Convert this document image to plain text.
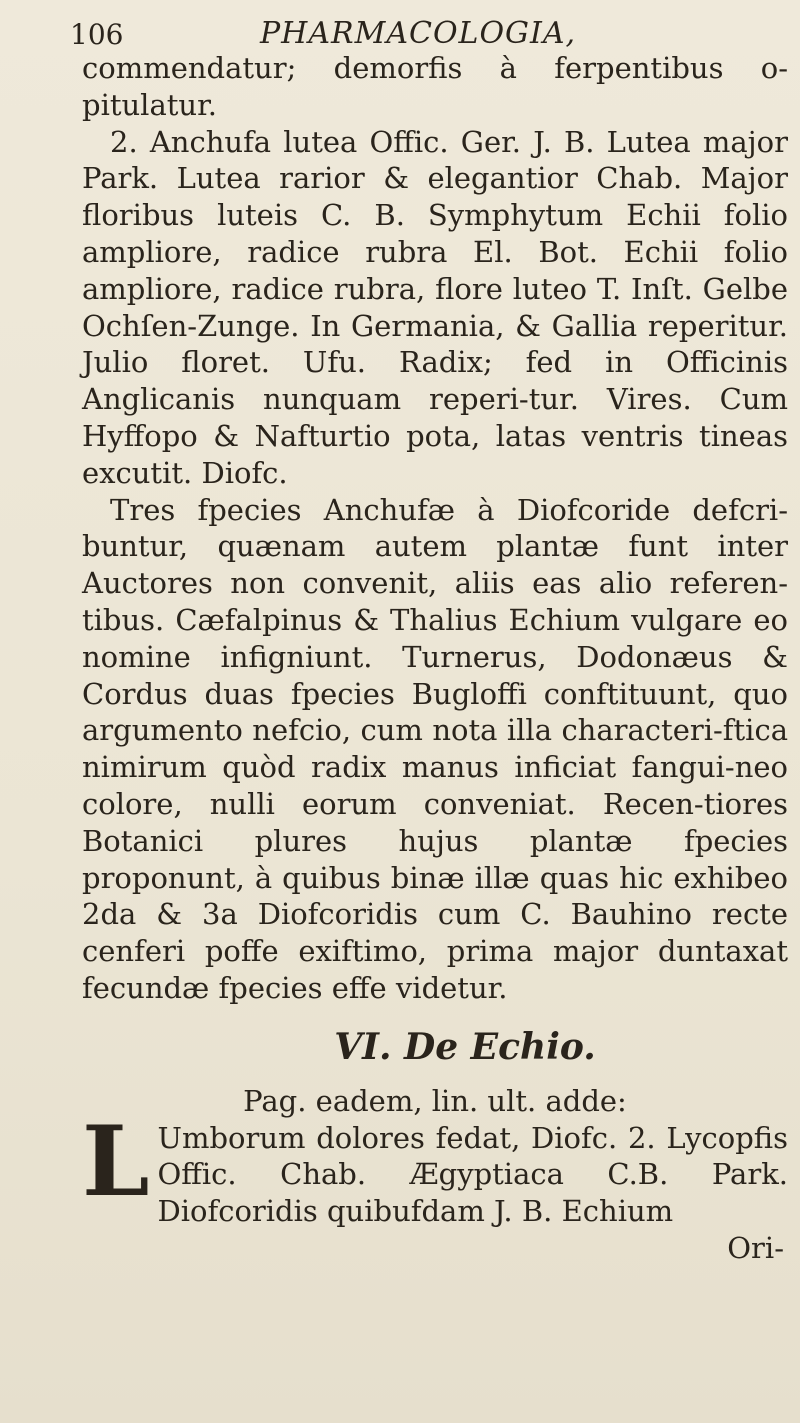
106	PHARMACOLOGIA,

commendatur; demorfis à ferpentibus o-pitulatur.

2. Anchufa lutea Offic. Ger. J. B. Lutea major Park. Lutea rarior & elegantior Chab. Major floribus luteis C. B. Symphytum Echii folio ampliore, radice rubra El. Bot. Echii folio ampliore, radice rubra, flore luteo T. Inſt. Gelbe Ochſen-Zunge. In Germania, & Gallia reperitur. Julio floret. Ufu. Radix; fed in Officinis Anglicanis nunquam reperi-tur. Vires. Cum Hyffopo & Nafturtio pota, latas ventris tineas excutit. Diofc.

Tres fpecies Anchufæ à Diofcoride defcri-buntur, quænam autem plantæ funt inter Auctores non convenit, aliis eas alio referen-tibus. Cæfalpinus & Thalius Echium vulgare eo nomine infigniunt. Turnerus, Dodonæus & Cordus duas fpecies Bugloffi conftituunt, quo argumento nefcio, cum nota illa characteri-ftica nimirum quòd radix manus inficiat fangui-neo colore, nulli eorum conveniat. Recen-tiores Botanici plures hujus plantæ fpecies proponunt, à quibus binæ illæ quas hic exhibeo 2da & 3a Diofcoridis cum C. Bauhino recte cenferi poffe exiftimo, prima major duntaxat fecundæ fpecies effe videtur.

VI. De Echio.

Pag. eadem, lin. ult. adde:

L Umborum dolores fedat, Diofc. 2. Lycopfis Offic. Chab. Ægyptiaca C.B. Park. Diofcoridis quibufdam J. B. Echium

Ori-
